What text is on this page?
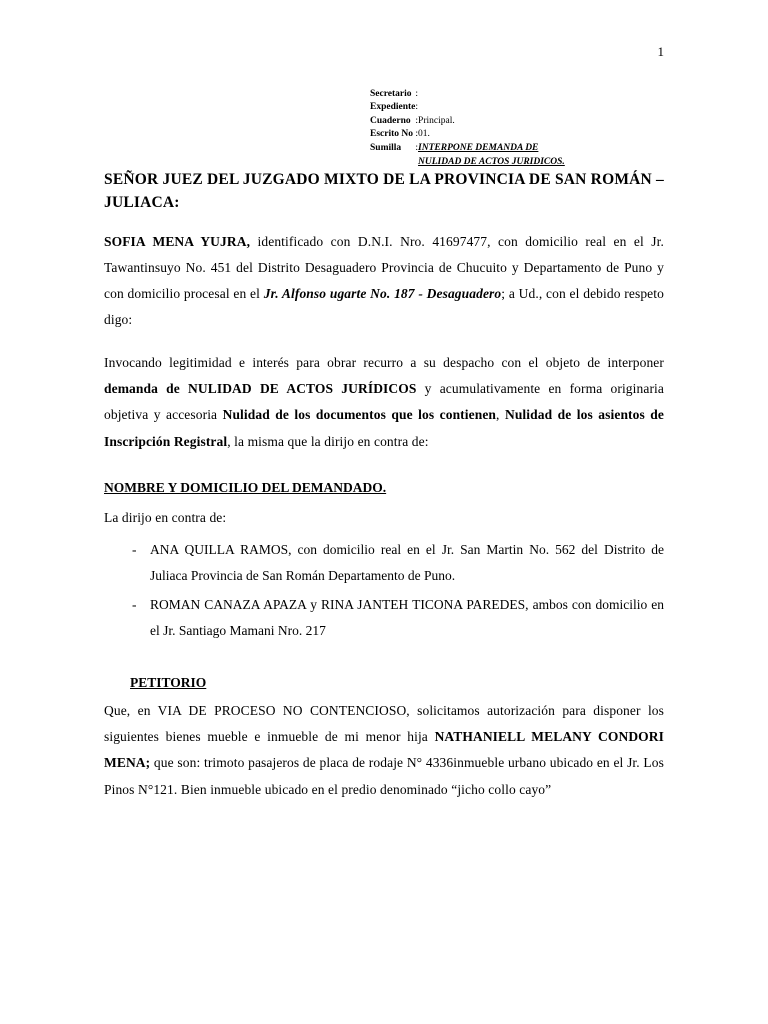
1
Secretario	:	
Expediente	:	
Cuaderno	:	Principal.
Escrito No	:	01.
Sumilla	:	INTERPONE DEMANDA DE
		NULIDAD DE ACTOS JURIDICOS.
SEÑOR JUEZ DEL JUZGADO MIXTO DE LA PROVINCIA DE SAN ROMÁN – JULIACA:

SOFIA MENA YUJRA, identificado con D.N.I. Nro. 41697477, con domicilio real en el Jr. Tawantinsuyo No. 451 del Distrito Desaguadero Provincia de Chucuito y Departamento de Puno y con domicilio procesal en el Jr. Alfonso ugarte No. 187 - Desaguadero; a Ud., con el debido respeto digo:

Invocando legitimidad e interés para obrar recurro a su despacho con el objeto de interponer demanda de NULIDAD DE ACTOS JURÍDICOS y acumulativamente en forma originaria objetiva y accesoria Nulidad de los documentos que los contienen, Nulidad de los asientos de Inscripción Registral, la misma que la dirijo en contra de:

NOMBRE Y DOMICILIO DEL DEMANDADO.

La dirijo en contra de:

- ANA QUILLA RAMOS, con domicilio real en el Jr. San Martin No. 562 del Distrito de Juliaca Provincia de San Román Departamento de Puno.
- ROMAN CANAZA APAZA y RINA JANTEH TICONA PAREDES, ambos con domicilio en el Jr. Santiago Mamani Nro. 217
PETITORIO

Que, en VIA DE PROCESO NO CONTENCIOSO, solicitamos autorización para disponer los siguientes bienes mueble e inmueble de mi menor hija NATHANIELL MELANY CONDORI MENA; que son: trimoto pasajeros de placa de rodaje N° 4336inmueble urbano ubicado en el Jr. Los Pinos N°121. Bien inmueble ubicado en el predio denominado “jicho collo cayo”
